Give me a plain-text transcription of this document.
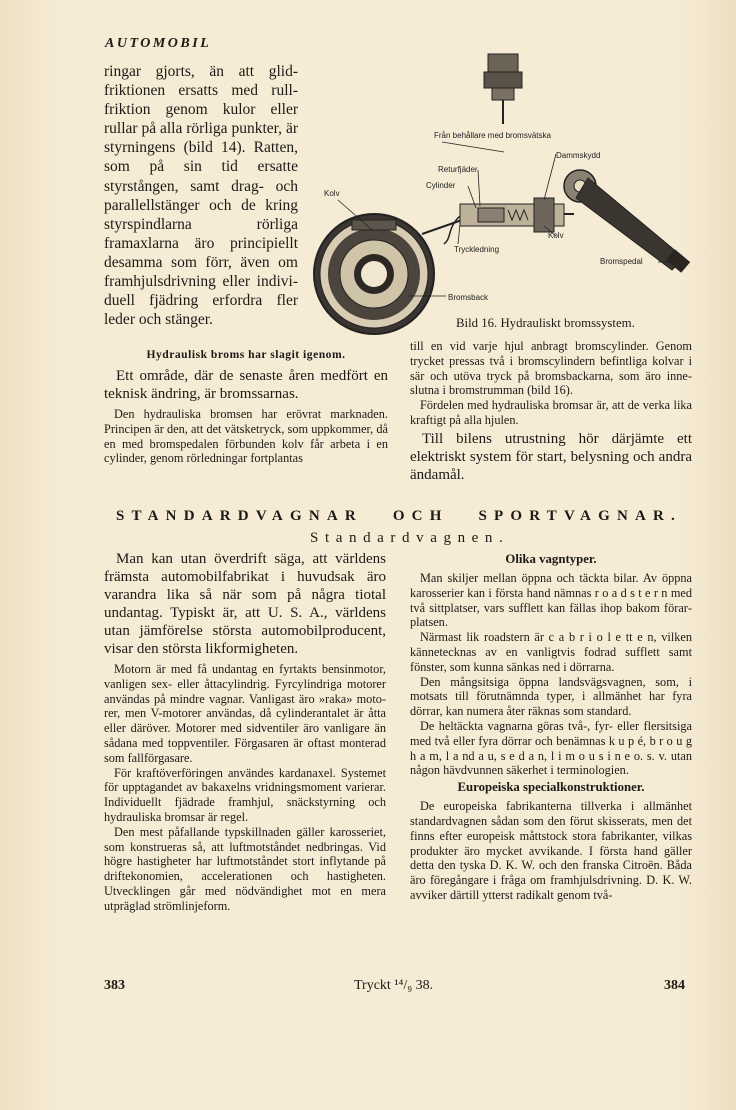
AUTOMOBIL

ringar gjorts, än att glidfriktionen ersatts med rullfriktion genom kulor eller rullar på alla rörliga punkter, är styrningens (bild 14). Ratten, som på sin tid ersatte styrstången, samt drag- och parallellstänger och de kring styrspindlarna rörliga framaxlarna äro principiellt desamma som förr, även om framhjulsdrivning eller individuell fjädring erfordra fler leder och stänger.

Från behållare med bromsvätska
Returfjäder
Dammskydd
Cylinder
Kolv
Kolv
Tryckledning
Bromspedal
Bromsback
Bild 16. Hydrauliskt bromssystem.

Hydraulisk broms har slagit igenom.

Ett område, där de senaste åren medfört en teknisk ändring, är bromssarnas.

Den hydrauliska bromsen har erövrat marknaden. Principen är den, att det vätsketryck, som uppkommer, då en med bromspedalen förbunden kolv får arbeta i en cylinder, genom rörledningar fortplantas

till en vid varje hjul anbragt bromscylinder. Genom trycket pressas två i bromscylindern befintliga kolvar i sär och utöva tryck på bromsbackarna, som äro inneslutna i bromstrumman (bild 16).

Fördelen med hydrauliska bromsar är, att de verka lika kraftigt på alla hjulen.

Till bilens utrustning hör därjämte ett elektriskt system för start, belysning och andra ändamål.

STANDARDVAGNAR OCH SPORTVAGNAR.
Standardvagnen.

Man kan utan överdrift säga, att världens främsta automobilfabrikat i huvudsak äro varandra lika så när som på några tiotal undantag. Typiskt är, att U. S. A., världens utan jämförelse största automobilproducent, visar den största likformigheten.

Motorn är med få undantag en fyrtakts bensinmotor, vanligen sex- eller åttacylindrig. Fyrcylindriga motorer användas på mindre vagnar. Vanligast äro »raka» motorer, men V-motorer användas, då cylinderantalet är åtta eller däröver. Motorer med sidventiler äro vanligare än sådana med toppventiler. Förgasaren är oftast monterad som fallförgasare.

För kraftöverföringen användes kardanaxel. Systemet för upptagandet av bakaxelns vridningsmoment varierar. Individuellt fjädrade framhjul, snäckstyrning och hydrauliska bromsar är regel.

Den mest påfallande typskillnaden gäller karosseriet, som konstrueras så, att luftmotståndet nedbringas. Vid högre hastigheter har luftmotståndet stort inflytande på driftekonomien, accelerationen och hastigheten. Utvecklingen går med nödvändighet mot en mera utpräglad strömlinjeform.

Olika vagntyper.

Man skiljer mellan öppna och täckta bilar. Av öppna karosserier kan i första hand nämnas r o a d s t e r n med två sittplatser, vars sufflett kan fällas ihop bakom förarplatsen.

Närmast lik roadstern är c a b r i o l e tt e n, vilken kännetecknas av en vanligtvis fodrad sufflett samt fönster, som kunna sänkas ned i dörrarna.

Den mångsitsiga öppna landsvägsvagnen, som, i motsats till förutnämnda typer, i allmänhet har fyra dörrar, kan numera åter räknas som standard.

De heltäckta vagnarna göras två-, fyr- eller flersitsiga med två eller fyra dörrar och benämnas k u p é, b r o u g h a m, l a nd a u, s e d a n, l i m o u s i n e o. s. v. utan någon hävdvunnen säkerhet i terminologien.

Europeiska specialkonstruktioner.

De europeiska fabrikanterna tillverka i allmänhet standardvagnen sådan som den förut skisserats, men det finns efter europeisk måttstock stora fabrikanter, vilkas produkter äro mycket avvikande. I första hand gäller detta den tyska D. K. W. och den franska Citroën. Båda äro föregångare i fråga om framhjulsdrivning. D. K. W. avviker därtill ytterst radikalt genom två-

383	Tryckt ¹⁴/₉ 38.	384
